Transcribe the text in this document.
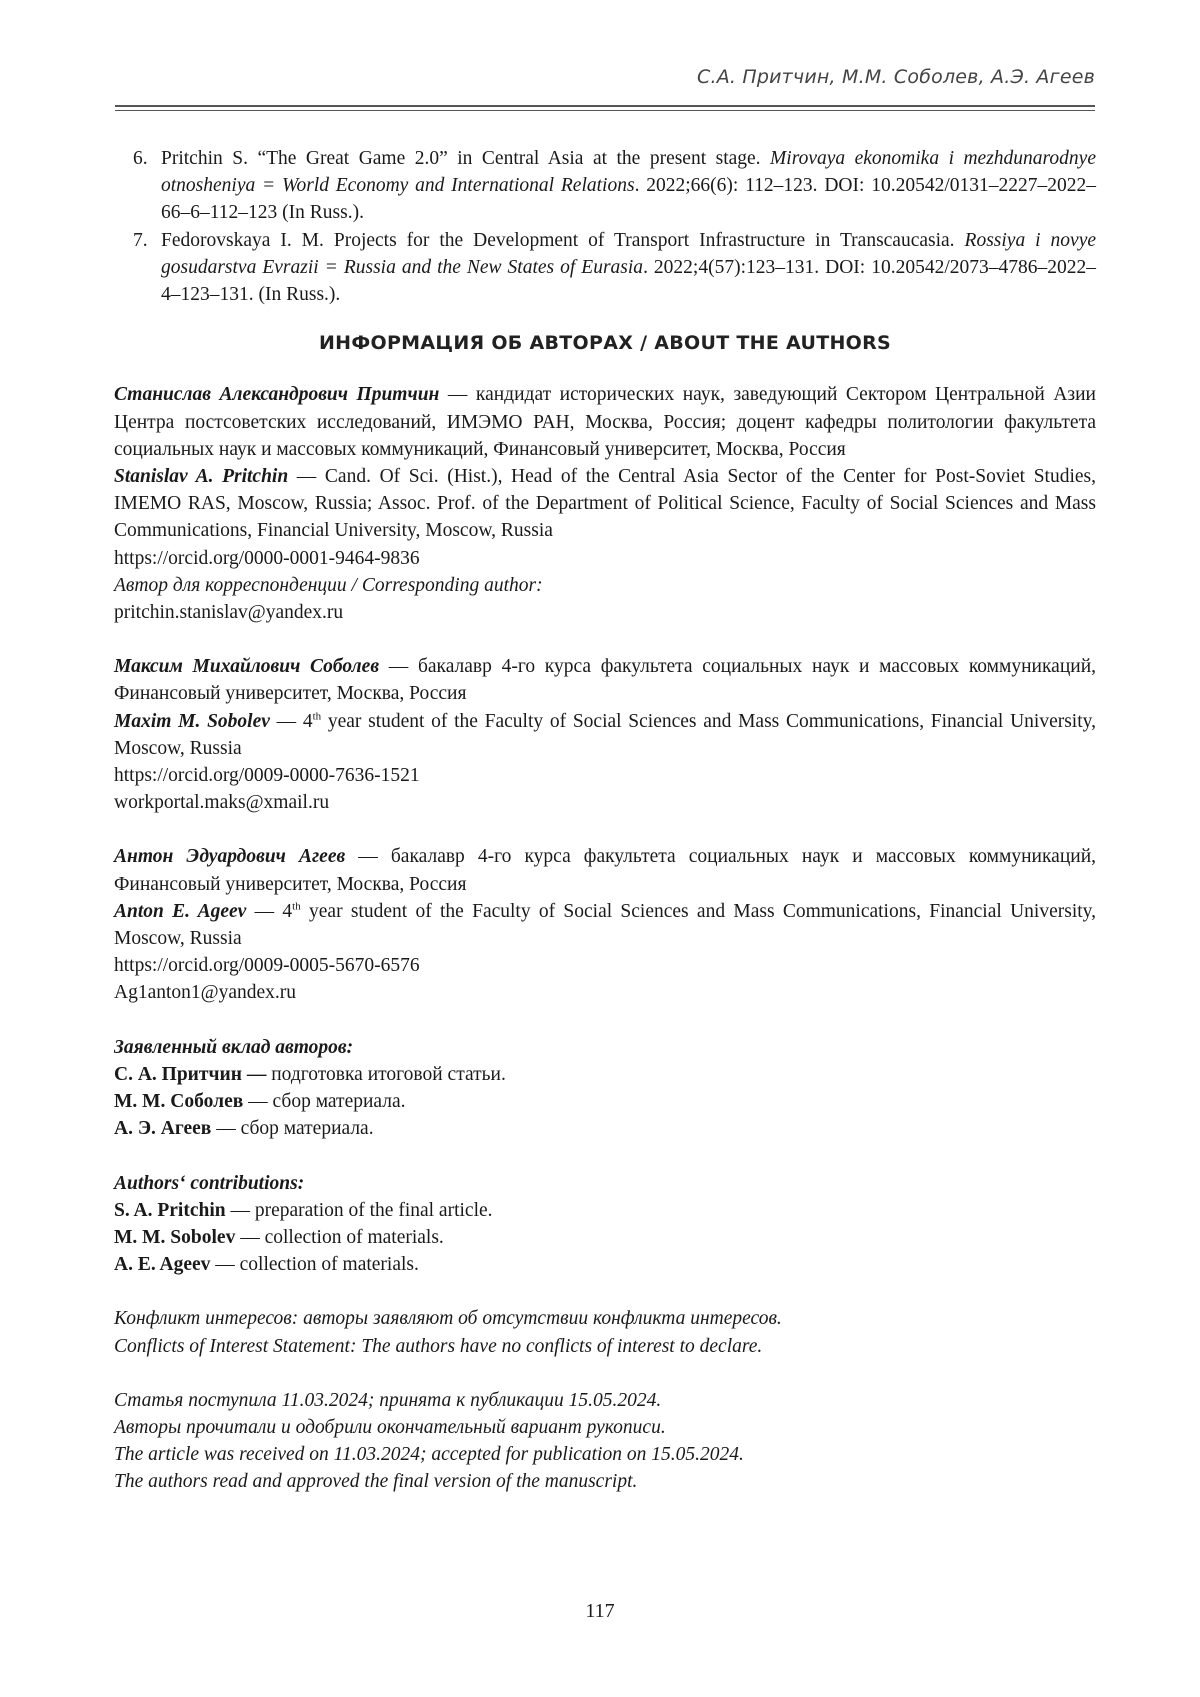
С.А. Притчин, М.М. Соболев, А.Э. Агеев
6. Pritchin S. “The Great Game 2.0” in Central Asia at the present stage. Mirovaya ekonomika i mezhdunarodnye otnosheniya = World Economy and International Relations. 2022;66(6): 112–123. DOI: 10.20542/0131–2227–2022–66–6–112–123 (In Russ.).
7. Fedorovskaya I. M. Projects for the Development of Transport Infrastructure in Transcaucasia. Rossiya i novye gosudarstva Evrazii = Russia and the New States of Eurasia. 2022;4(57):123–131. DOI: 10.20542/2073–4786–2022–4–123–131. (In Russ.).
ИНФОРМАЦИЯ ОБ АВТОРАХ / ABOUT THE AUTHORS

Станислав Александрович Притчин — кандидат исторических наук, заведующий Сектором Центральной Азии Центра постсоветских исследований, ИМЭМО РАН, Москва, Россия; доцент кафедры политологии факультета социальных наук и массовых коммуникаций, Финансовый университет, Москва, Россия

Stanislav A. Pritchin — Cand. Of Sci. (Hist.), Head of the Central Asia Sector of the Center for Post-Soviet Studies, IMEMO RAS, Moscow, Russia; Assoc. Prof. of the Department of Political Science, Faculty of Social Sciences and Mass Communications, Financial University, Moscow, Russia

https://orcid.org/0000-0001-9464-9836

Автор для корреспонденции / Corresponding author:

pritchin.stanislav@yandex.ru

Максим Михайлович Соболев — бакалавр 4-го курса факультета социальных наук и массовых коммуникаций, Финансовый университет, Москва, Россия

Maxim M. Sobolev — 4th year student of the Faculty of Social Sciences and Mass Communications, Financial University, Moscow, Russia

https://orcid.org/0009-0000-7636-1521

workportal.maks@xmail.ru

Антон Эдуардович Агеев — бакалавр 4-го курса факультета социальных наук и массовых коммуникаций, Финансовый университет, Москва, Россия

Anton E. Ageev — 4th year student of the Faculty of Social Sciences and Mass Communications, Financial University, Moscow, Russia

https://orcid.org/0009-0005-5670-6576

Ag1anton1@yandex.ru

Заявленный вклад авторов:

С. А. Притчин — подготовка итоговой статьи.

М. М. Соболев — сбор материала.

А. Э. Агеев — сбор материала.

Authors‘ contributions:

S. A. Pritchin — preparation of the final article.

M. M. Sobolev — collection of materials.

A. E. Ageev — collection of materials.

Конфликт интересов: авторы заявляют об отсутствии конфликта интересов.

Conflicts of Interest Statement: The authors have no conflicts of interest to declare.

Статья поступила 11.03.2024; принята к публикации 15.05.2024.

Авторы прочитали и одобрили окончательный вариант рукописи.

The article was received on 11.03.2024; accepted for publication on 15.05.2024.

The authors read and approved the final version of the manuscript.

117
